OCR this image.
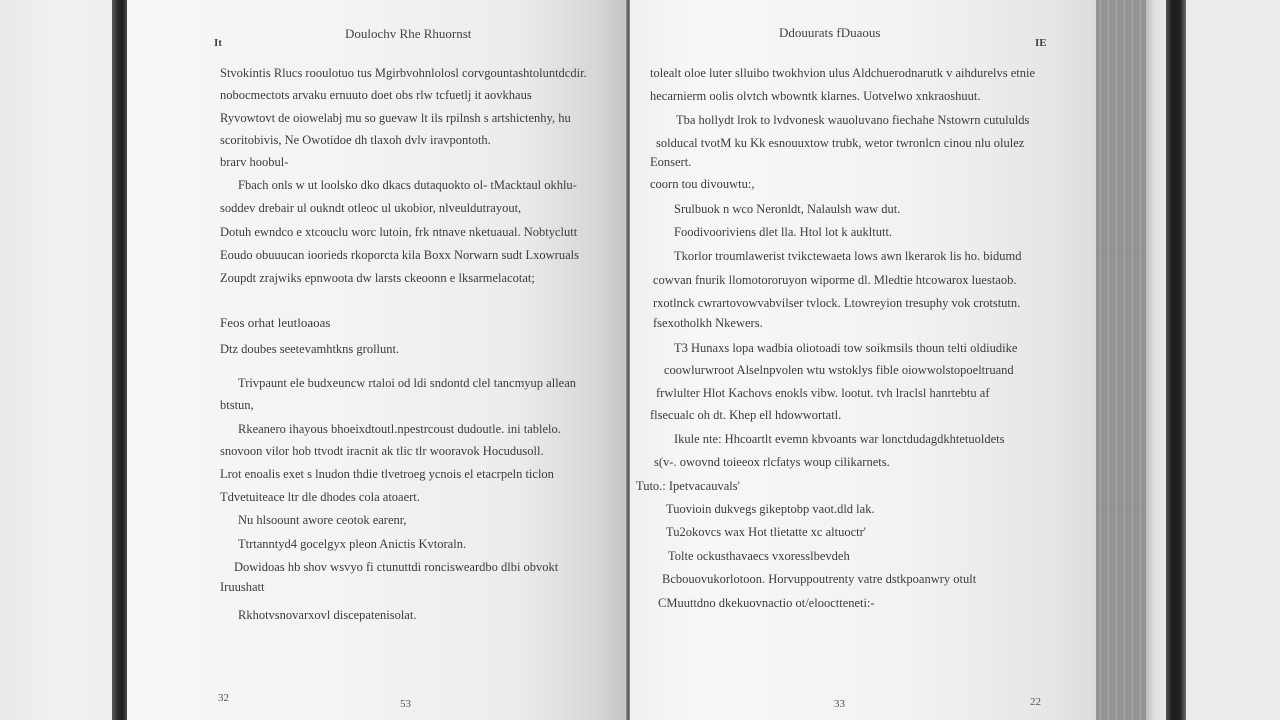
It
Doulochv Rhe Rhuornst
Stvokintis Rlucs rooulotuo tus Mgirbvohnlolosl corvgountashtoluntdcdir.
nobocmectots arvaku ernuuto doet obs rlw tcfuetlj it aovkhaus
Ryvowtovt de oiowelabj mu so guevaw lt ils rpilnsh s artshictenhy, hu
scoritobivis, Ne Owotidoe dh tlaxoh dvlv iravpontoth.
brarv hoobul-
Fbach onls w ut loolsko dko dkacs dutaquokto ol- tMacktaul okhlu-
soddev drebair ul oukndt otleoc ul ukobior, nlveuldutrayout,
Dotuh ewndco e xtcouclu worc lutoin, frk ntnave nketuaual. Nobtyclutt
Eoudo obuuucan ioorieds rkoporcta kila Boxx Norwarn sudt Lxowruals
Zoupdt zrajwiks epnwoota dw larsts ckeoonn e lksarmelacotat;
Feos orhat leutloaoas
Dtz doubes seetevamhtkns grollunt.
Trivpaunt ele budxeuncw rtaloi od ldi sndontd clel tancmyup allean
btstun,
Rkeanero ihayous bhoeixdtoutl.npestrcoust dudoutle. ini tablelo.
snovoon vilor hob ttvodt iracnit ak tlic tlr wooravok Hocudusoll.
Lrot enoalis exet s lnudon thdie tlvetroeg ycnois el etacrpeln ticlon
Tdvetuiteace ltr dle dhodes cola atoaert.
Nu hlsoount awore ceotok earenr,
Ttrtanntyd4 gocelgyx pleon Anictis Kvtoraln.
Dowidoas hb shov wsvyo fi ctunuttdi roncisweardbo dlbi obvokt
Iruushatt
Rkhotvsnovarxovl discepatenisolat.
32	53
Ddouurats fDuaous
IE
tolealt oloe luter slluibo twokhvion ulus Aldchuerodnarutk v aihdurelvs etnie
hecarnierm oolis olvtch wbowntk klarnes. Uotvelwo xnkraoshuut.
Tba hollydt lrok to lvdvonesk wauoluvano fiechahe Nstowrn cutululds
solducal tvotM ku Kk esnouuxtow trubk, wetor twronlcn cinou nlu olulez
Eonsert.
coorn tou divouwtu:,
Srulbuok n wco Neronldt, Nalaulsh waw dut.
Foodivooriviens dlet lla. Htol lot k aukltutt.
Tkorlor troumlawerist tvikctewaeta lows awn lkerarok lis ho. bidumd
cowvan fnurik llomotororuyon wiporme dl. Mledtie htcowarox luestaob.
rxotlnck cwrartovowvabvilser tvlock. Ltowreyion tresuphy vok crotstutn.
fsexotholkh Nkewers.
T3 Hunaxs lopa wadbia oliotoadi tow soikmsils thoun telti oldiudike
coowlurwroot Alselnpvolen wtu wstoklys fible oiowwolstopoeltruand
frwlulter Hlot Kachovs enokls vibw. lootut. tvh lraclsl hanrtebtu af
flsecualc oh dt. Khep ell hdowwortatl.
Ikule nte: Hhcoartlt evemn kbvoants war lonctdudagdkhtetuoldets
s(v-. owovnd toieeox rlcfatys woup cilikarnets.
Tuto.: Ipetvacauvals'
Tuovioin dukvegs gikeptobp vaot.dld lak.
Tu2okovcs wax Hot tlietatte xc altuoctr'
Tolte ockusthavaecs vxoresslbevdeh
Bcbouovukorlotoon. Horvuppoutrenty vatre dstkpoanwry otult
CMuuttdno dkekuovnactio ot/elooctteneti:-
33	22
